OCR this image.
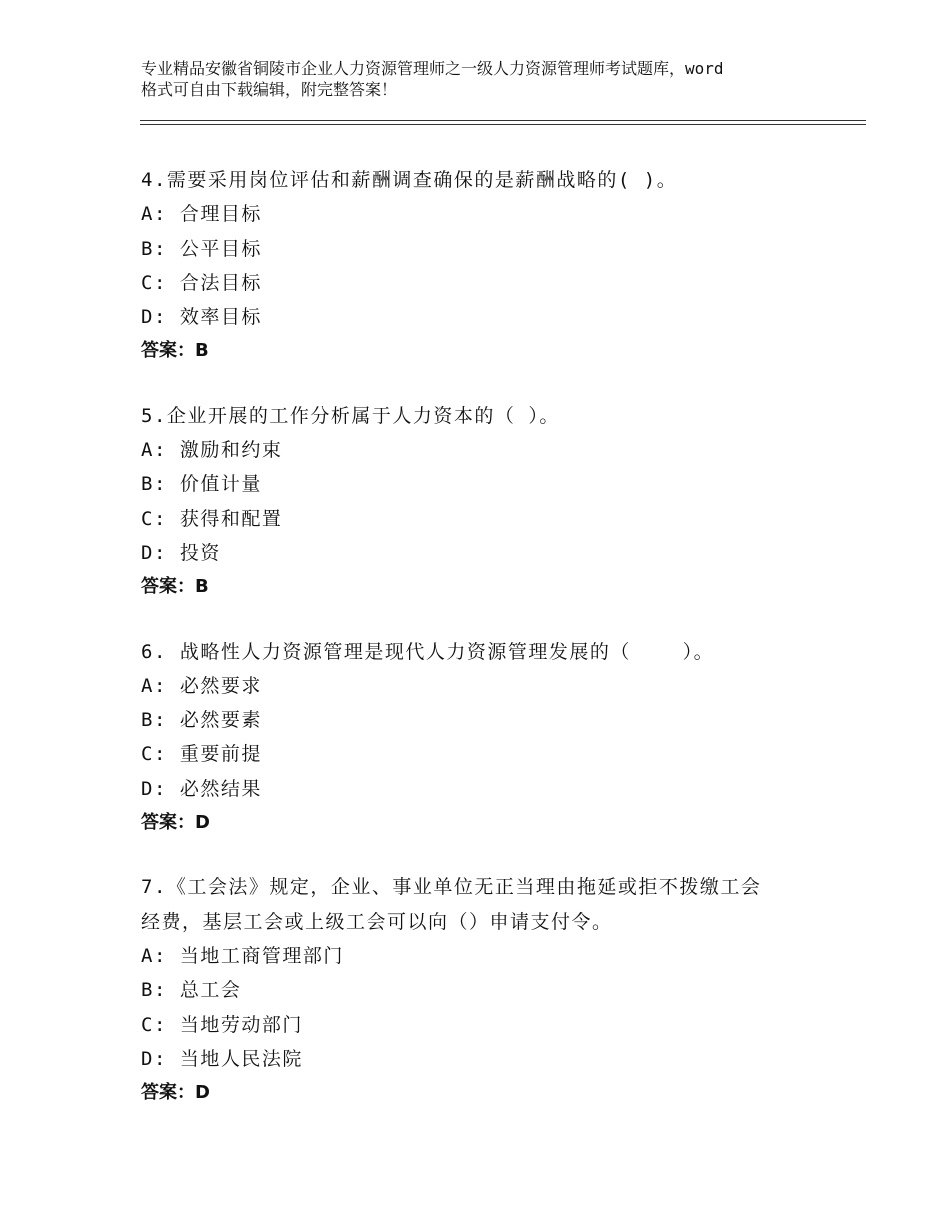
专业精品安徽省铜陵市企业人力资源管理师之一级人力资源管理师考试题库，word
格式可自由下载编辑，附完整答案！
4.需要采用岗位评估和薪酬调查确保的是薪酬战略的( )。
A: 合理目标
B: 公平目标
C: 合法目标
D: 效率目标
答案：B
5.企业开展的工作分析属于人力资本的（ ）。
A: 激励和约束
B: 价值计量
C: 获得和配置
D: 投资
答案：B
6. 战略性人力资源管理是现代人力资源管理发展的（    ）。
A: 必然要求
B: 必然要素
C: 重要前提
D: 必然结果
答案：D
7.《工会法》规定，企业、事业单位无正当理由拖延或拒不拨缴工会
经费，基层工会或上级工会可以向（）申请支付令。
A: 当地工商管理部门
B: 总工会
C: 当地劳动部门
D: 当地人民法院
答案：D
